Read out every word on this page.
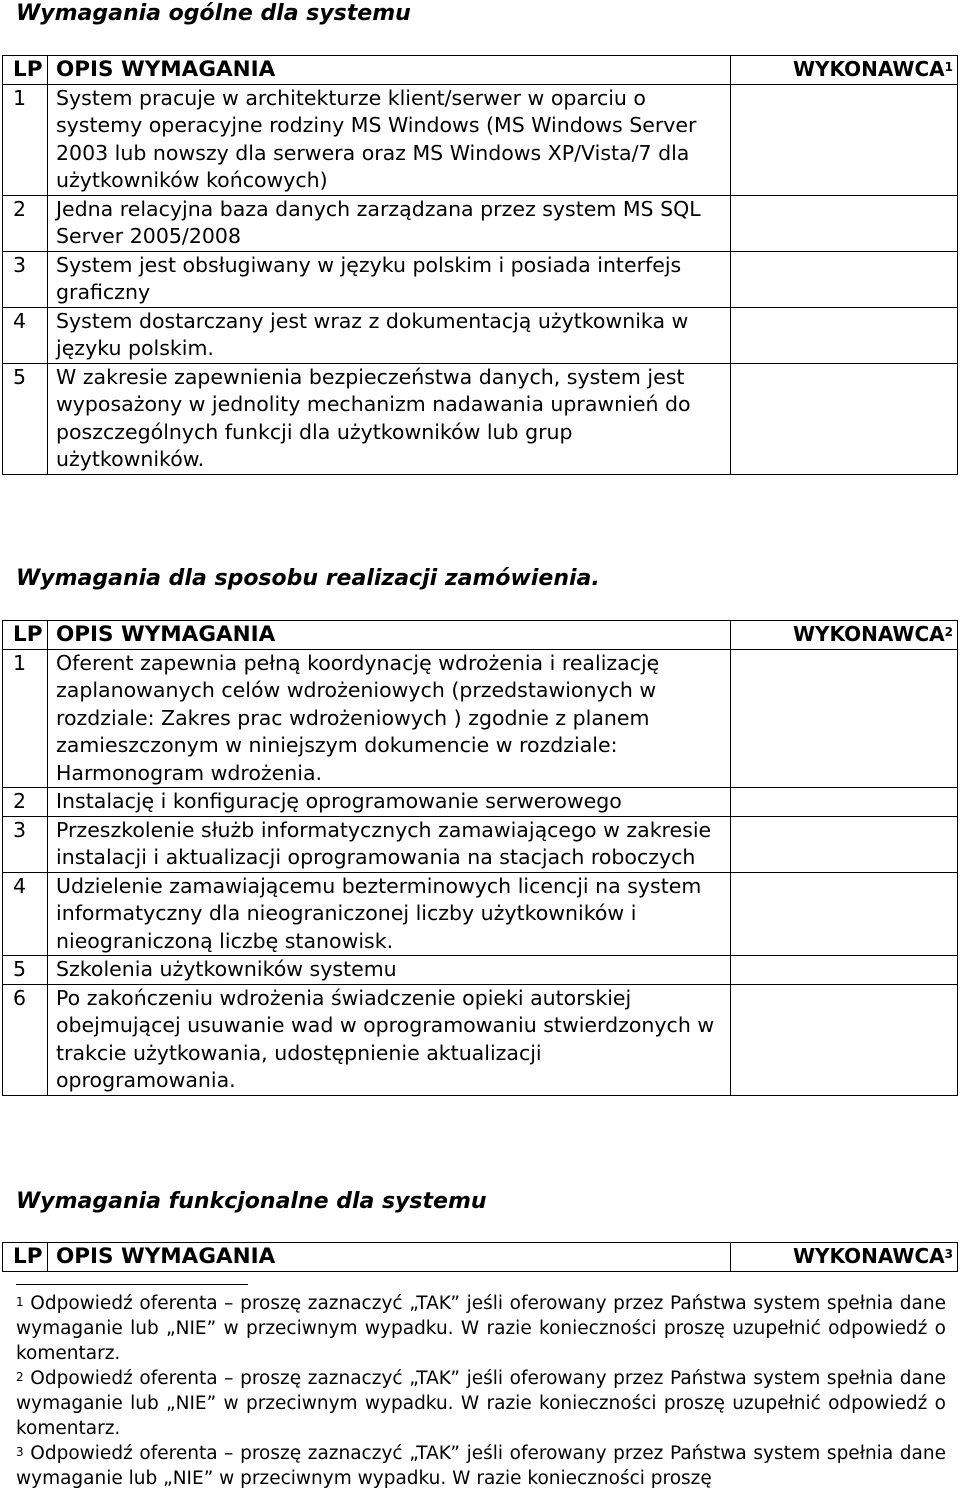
Wymagania ogólne dla systemu
LP	OPIS WYMAGANIA	WYKONAWCA$^1$
1	System pracuje w architekturze klient/serwer w oparciu o systemy operacyjne rodziny MS Windows (MS Windows Server 2003 lub nowszy dla serwera oraz MS Windows XP/Vista/7 dla użytkowników końcowych)	
2	Jedna relacyjna baza danych zarządzana przez system MS SQL Server 2005/2008	
3	System jest obsługiwany w języku polskim i posiada interfejs graficzny	
4	System dostarczany jest wraz z dokumentacją użytkownika w języku polskim.	
5	W zakresie zapewnienia bezpieczeństwa danych, system jest wyposażony w jednolity mechanizm nadawania uprawnień do poszczególnych funkcji dla użytkowników lub grup użytkowników.	
Wymagania dla sposobu realizacji zamówienia.
LP	OPIS WYMAGANIA	WYKONAWCA$^2$
1	Oferent zapewnia pełną koordynację wdrożenia i realizację zaplanowanych celów wdrożeniowych (przedstawionych w rozdziale: Zakres prac wdrożeniowych ) zgodnie z planem zamieszczonym w niniejszym dokumencie w rozdziale: Harmonogram wdrożenia.	
2	Instalację i konfigurację oprogramowanie serwerowego	
3	Przeszkolenie służb informatycznych zamawiającego w zakresie instalacji i aktualizacji oprogramowania na stacjach roboczych	
4	Udzielenie zamawiającemu bezterminowych licencji na system informatyczny dla nieograniczonej liczby użytkowników i nieograniczoną liczbę stanowisk.	
5	Szkolenia użytkowników systemu	
6	Po zakończeniu wdrożenia świadczenie opieki autorskiej obejmującej usuwanie wad w oprogramowaniu stwierdzonych w trakcie użytkowania, udostępnienie aktualizacji oprogramowania.	
Wymagania funkcjonalne dla systemu
LP	OPIS WYMAGANIA	WYKONAWCA$^3$

$^1$ Odpowiedź oferenta – proszę zaznaczyć „TAK” jeśli oferowany przez Państwa system spełnia dane wymaganie lub „NIE” w przeciwnym wypadku. W razie konieczności proszę uzupełnić odpowiedź o komentarz.

$^2$ Odpowiedź oferenta – proszę zaznaczyć „TAK” jeśli oferowany przez Państwa system spełnia dane wymaganie lub „NIE” w przeciwnym wypadku. W razie konieczności proszę uzupełnić odpowiedź o komentarz.

$^3$ Odpowiedź oferenta – proszę zaznaczyć „TAK” jeśli oferowany przez Państwa system spełnia dane wymaganie lub „NIE” w przeciwnym wypadku. W razie konieczności proszę
